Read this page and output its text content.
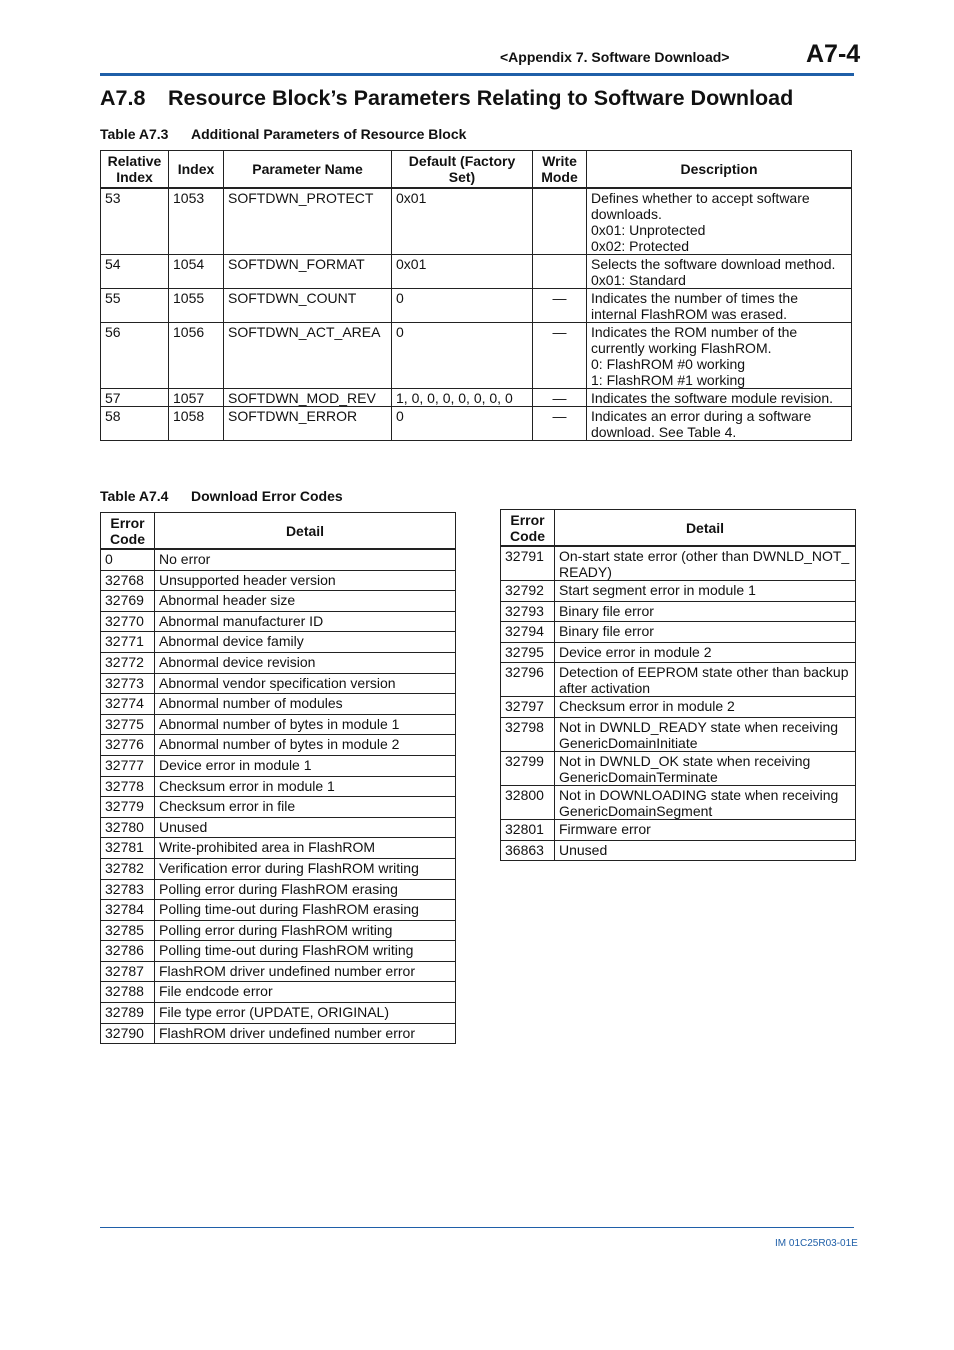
<Appendix 7. Software Download>	A7-4
A7.8 Resource Block’s Parameters Relating to Software Download
Table A7.3 Additional Parameters of Resource Block
Relative Index	Index	Parameter Name	Default (Factory Set)	Write Mode	Description
53	1053	SOFTDWN_PROTECT	0x01		Defines whether to accept software downloads.
0x01: Unprotected
0x02: Protected
54	1054	SOFTDWN_FORMAT	0x01		Selects the software download method.
0x01: Standard
55	1055	SOFTDWN_COUNT	0	—	Indicates the number of times the internal FlashROM was erased.
56	1056	SOFTDWN_ACT_AREA	0	—	Indicates the ROM number of the currently working FlashROM.
0: FlashROM #0 working
1: FlashROM #1 working
57	1057	SOFTDWN_MOD_REV	1, 0, 0, 0, 0, 0, 0, 0	—	Indicates the software module revision.
58	1058	SOFTDWN_ERROR	0	—	Indicates an error during a software download. See Table 4.
Table A7.4 Download Error Codes
Error Code	Detail
0	No error
32768	Unsupported header version
32769	Abnormal header size
32770	Abnormal manufacturer ID
32771	Abnormal device family
32772	Abnormal device revision
32773	Abnormal vendor specification version
32774	Abnormal number of modules
32775	Abnormal number of bytes in module 1
32776	Abnormal number of bytes in module 2
32777	Device error in module 1
32778	Checksum error in module 1
32779	Checksum error in file
32780	Unused
32781	Write-prohibited area in FlashROM
32782	Verification error during FlashROM writing
32783	Polling error during FlashROM erasing
32784	Polling time-out during FlashROM erasing
32785	Polling error during FlashROM writing
32786	Polling time-out during FlashROM writing
32787	FlashROM driver undefined number error
32788	File endcode error
32789	File type error (UPDATE, ORIGINAL)
32790	FlashROM driver undefined number error
Error Code	Detail
32791	On-start state error (other than DWNLD_NOT_
READY)
32792	Start segment error in module 1
32793	Binary file error
32794	Binary file error
32795	Device error in module 2
32796	Detection of EEPROM state other than backup after activation
32797	Checksum error in module 2
32798	Not in DWNLD_READY state when receiving GenericDomainInitiate
32799	Not in DWNLD_OK state when receiving GenericDomainTerminate
32800	Not in DOWNLOADING state when receiving GenericDomainSegment
32801	Firmware error
36863	Unused
IM 01C25R03-01E
